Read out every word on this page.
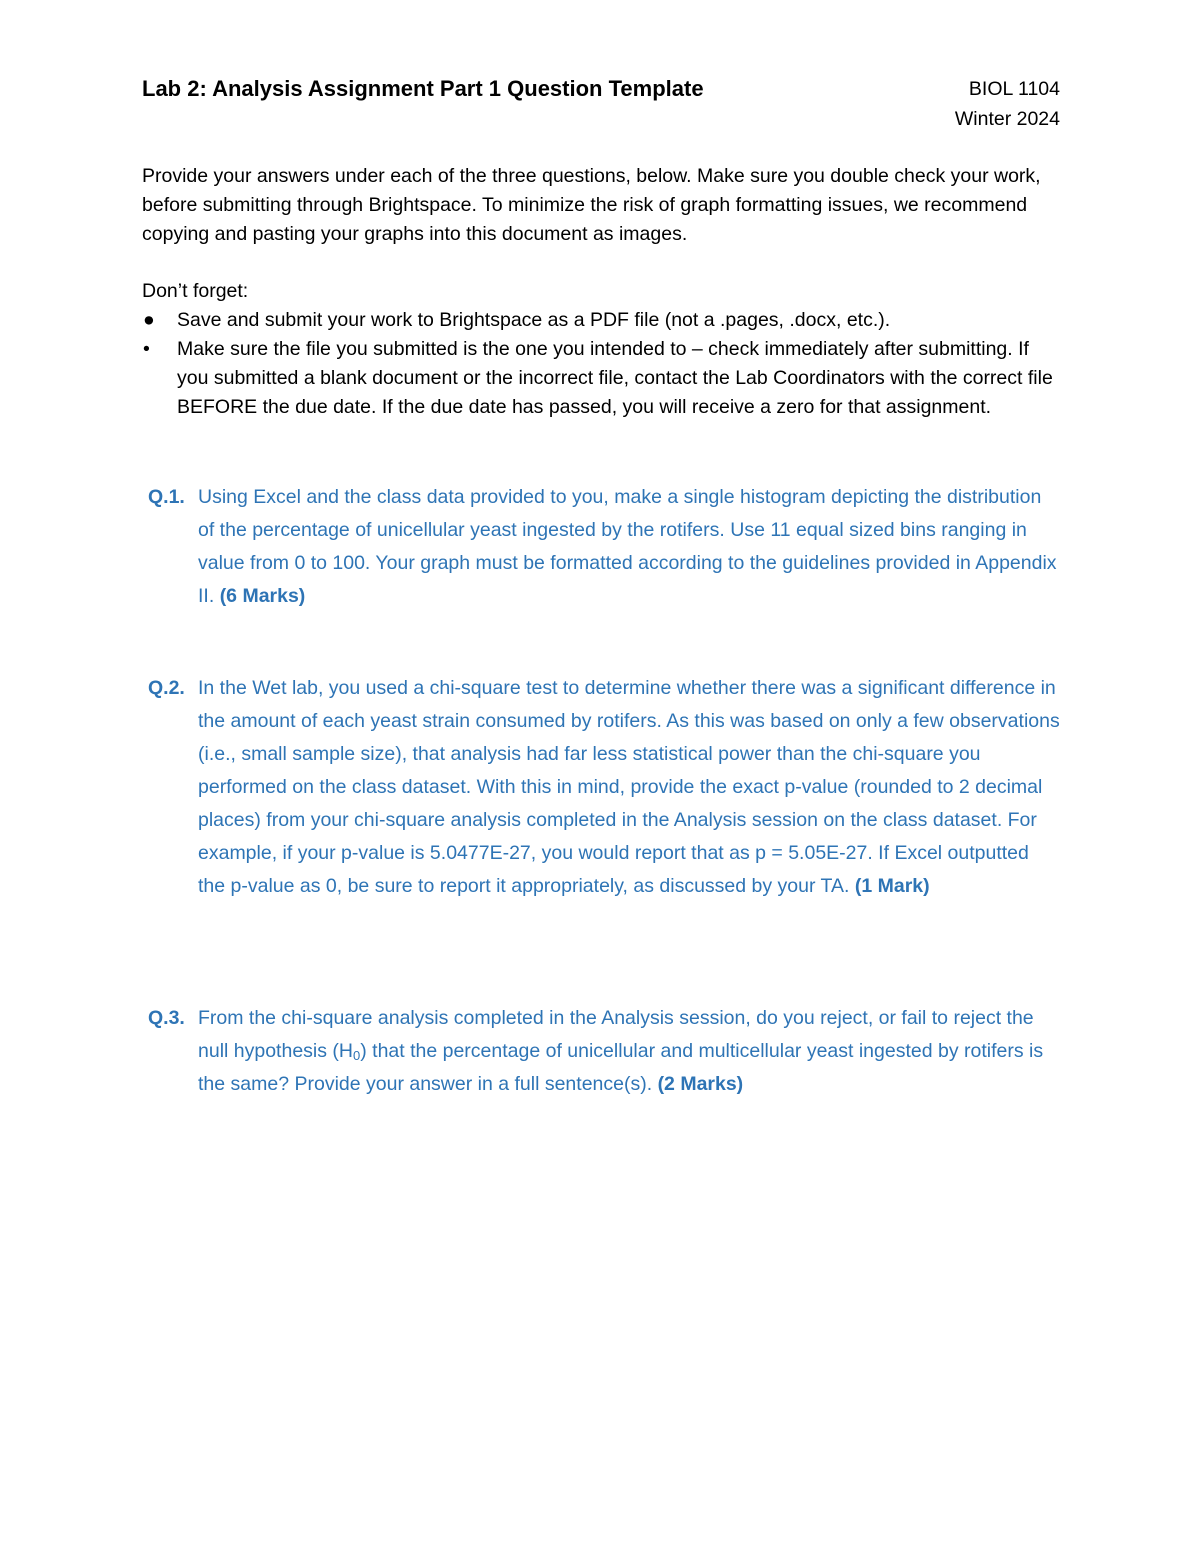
Lab 2: Analysis Assignment Part 1 Question Template	BIOL 1104
Winter 2024

Provide your answers under each of the three questions, below. Make sure you double check your work, before submitting through Brightspace. To minimize the risk of graph formatting issues, we recommend copying and pasting your graphs into this document as images.

Don’t forget:

●	Save and submit your work to Brightspace as a PDF file (not a .pages, .docx, etc.).
•	Make sure the file you submitted is the one you intended to – check immediately after submitting. If you submitted a blank document or the incorrect file, contact the Lab Coordinators with the correct file BEFORE the due date. If the due date has passed, you will receive a zero for that assignment.
Q.1. Using Excel and the class data provided to you, make a single histogram depicting the distribution of the percentage of unicellular yeast ingested by the rotifers. Use 11 equal sized bins ranging in value from 0 to 100. Your graph must be formatted according to the guidelines provided in Appendix II. (6 Marks)
Q.2. In the Wet lab, you used a chi-square test to determine whether there was a significant difference in the amount of each yeast strain consumed by rotifers. As this was based on only a few observations (i.e., small sample size), that analysis had far less statistical power than the chi-square you performed on the class dataset. With this in mind, provide the exact p-value (rounded to 2 decimal places) from your chi-square analysis completed in the Analysis session on the class dataset. For example, if your p-value is 5.0477E-27, you would report that as p = 5.05E-27. If Excel outputted the p-value as 0, be sure to report it appropriately, as discussed by your TA. (1 Mark)
Q.3. From the chi-square analysis completed in the Analysis session, do you reject, or fail to reject the null hypothesis $(H_0)$ that the percentage of unicellular and multicellular yeast ingested by rotifers is the same? Provide your answer in a full sentence(s). (2 Marks)
